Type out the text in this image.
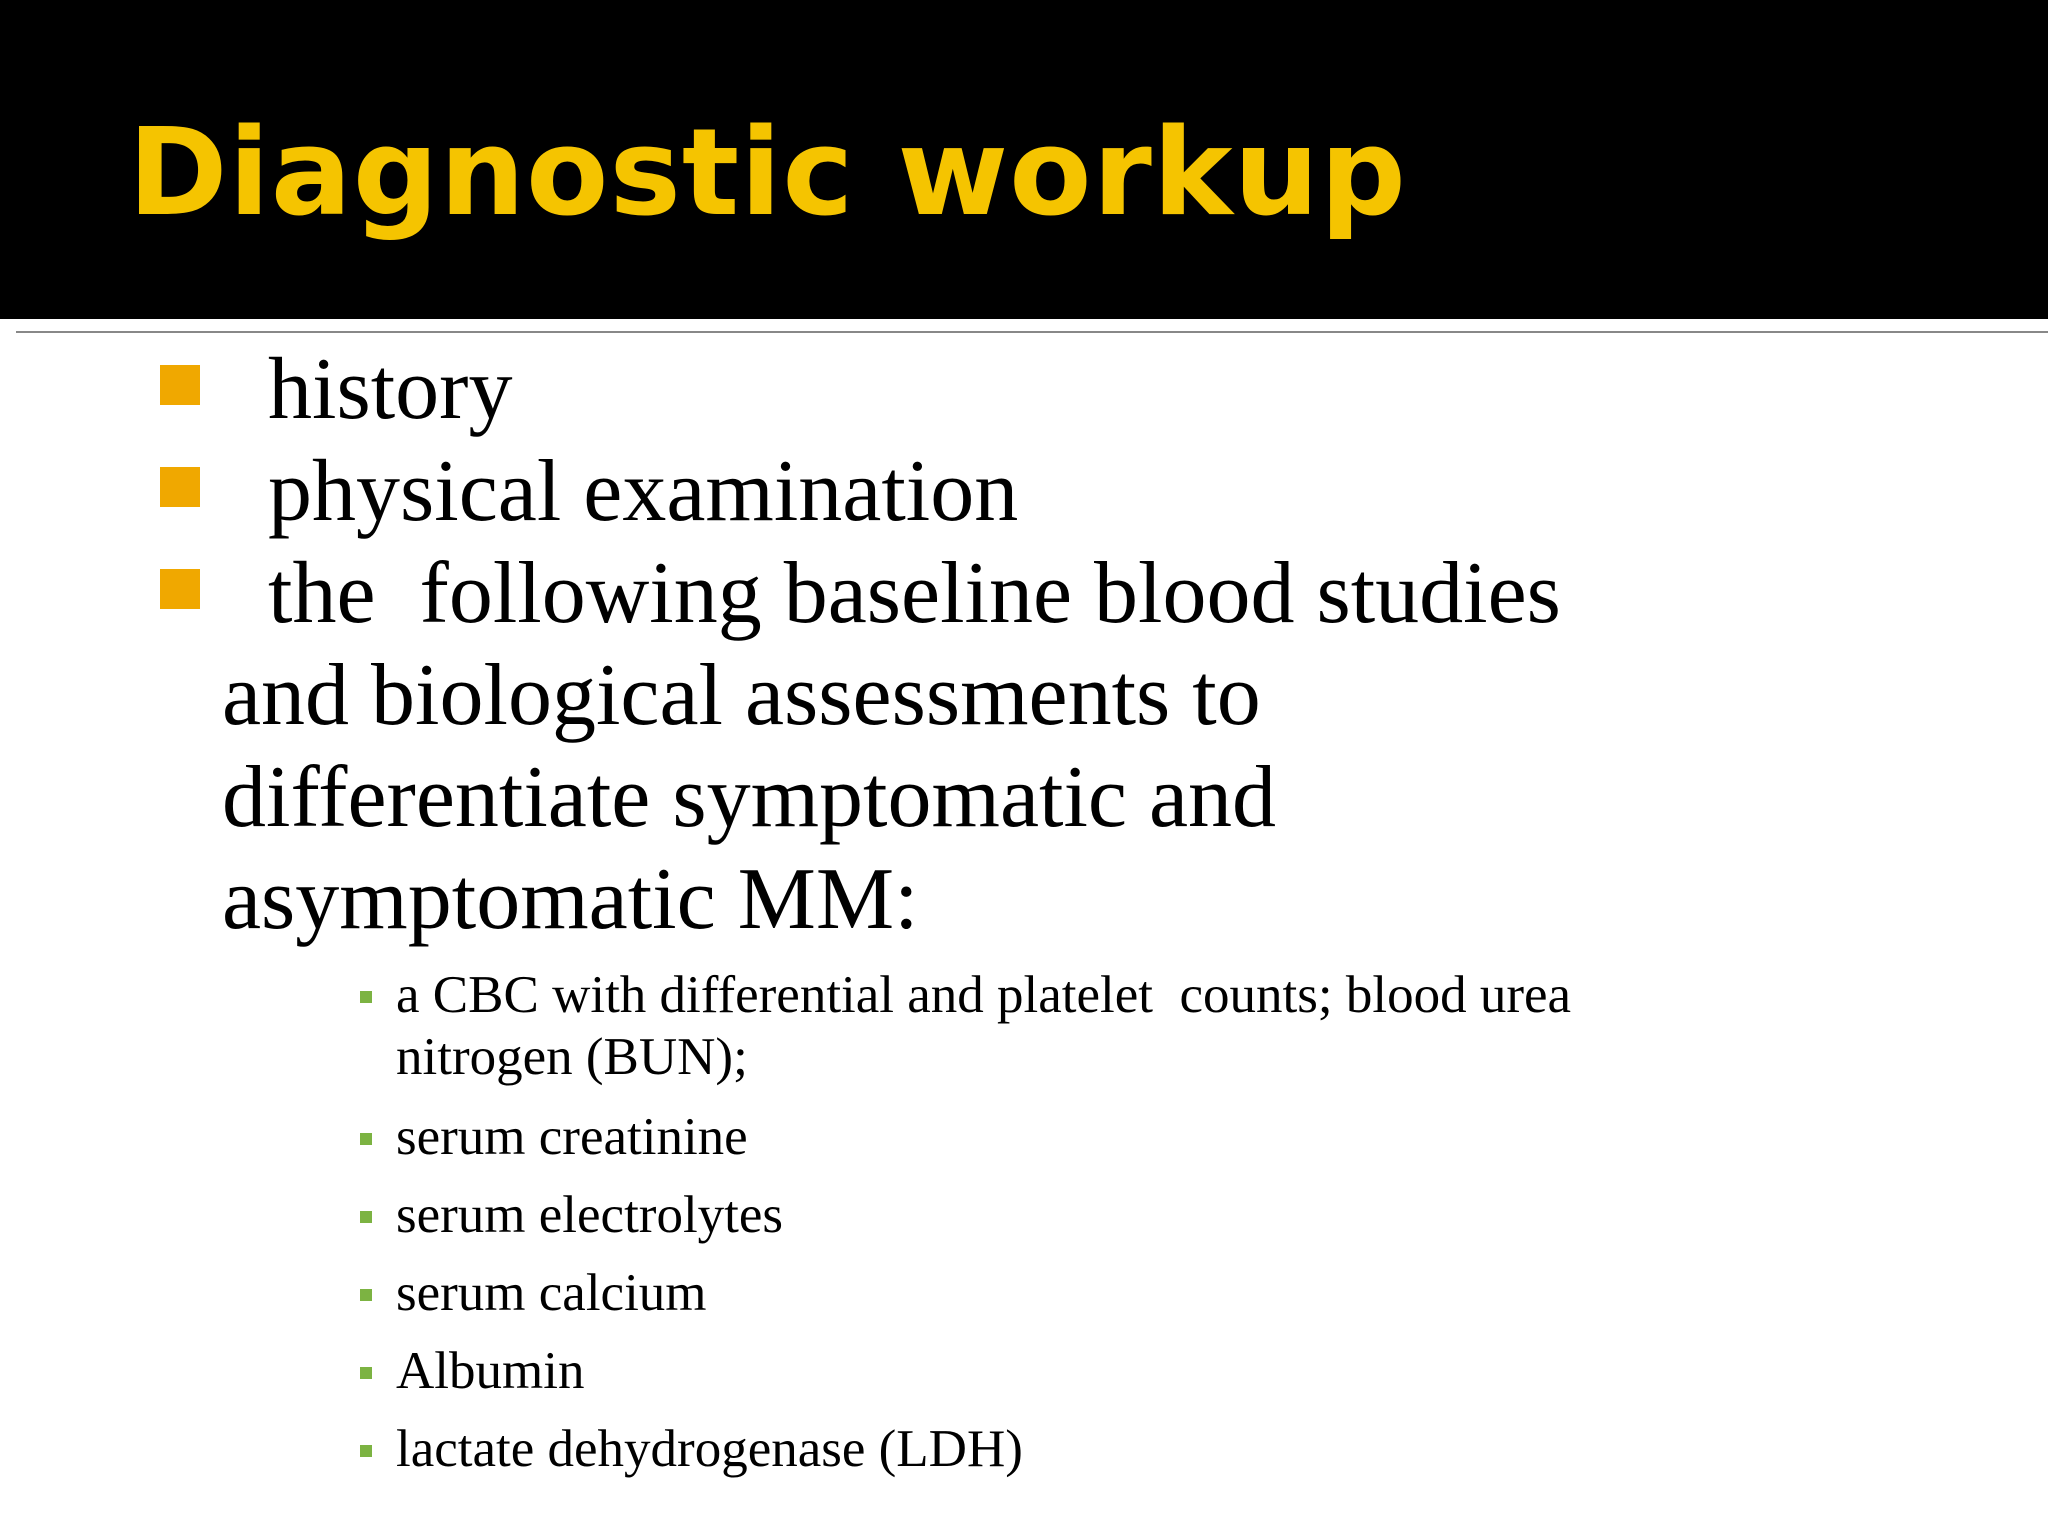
Diagnostic workup
history
physical examination
the  following baseline blood studies
and biological assessments to
differentiate symptomatic and
asymptomatic MM:
a CBC with differential and platelet  counts; blood urea
nitrogen (BUN);
serum creatinine
serum electrolytes
serum calcium
Albumin
lactate dehydrogenase (LDH)
